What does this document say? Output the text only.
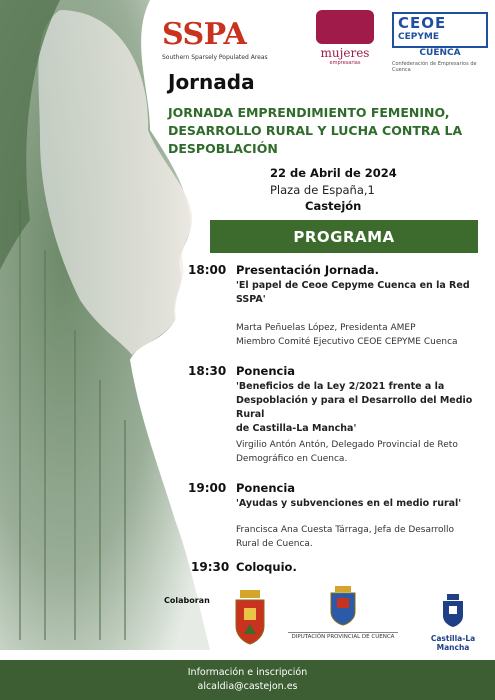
SSPA
Southern Sparsely Populated Areas	mujeres
empresarias
CEOE
CEPYME
CUENCA
Confederación de Empresarios de Cuenca
Jornada
JORNADA EMPRENDIMIENTO FEMENINO,
DESARROLLO RURAL Y LUCHA CONTRA LA
DESPOBLACIÓN
22 de Abril de 2024
Plaza de España,1
Castejón
PROGRAMA
18:00 Presentación Jornada.
'El papel de Ceoe Cepyme Cuenca en la Red
SSPA'
Marta Peñuelas López, Presidenta AMEP
Miembro Comité Ejecutivo CEOE CEPYME Cuenca
18:30 Ponencia
'Beneficios de la Ley 2/2021 frente a la
Despoblación y para el Desarrollo del Medio Rural
de Castilla-La Mancha'
Virgilio Antón Antón, Delegado Provincial de Reto
Demográfico en Cuenca.
19:00 Ponencia
'Ayudas y subvenciones en el medio rural'
Francisca Ana Cuesta Tárraga, Jefa de Desarrollo
Rural de Cuenca.
19:30 Coloquio.
Colaboran
DIPUTACIÓN PROVINCIAL DE CUENCA	Castilla-La Mancha
Información e inscripción
alcaldia@castejon.es
